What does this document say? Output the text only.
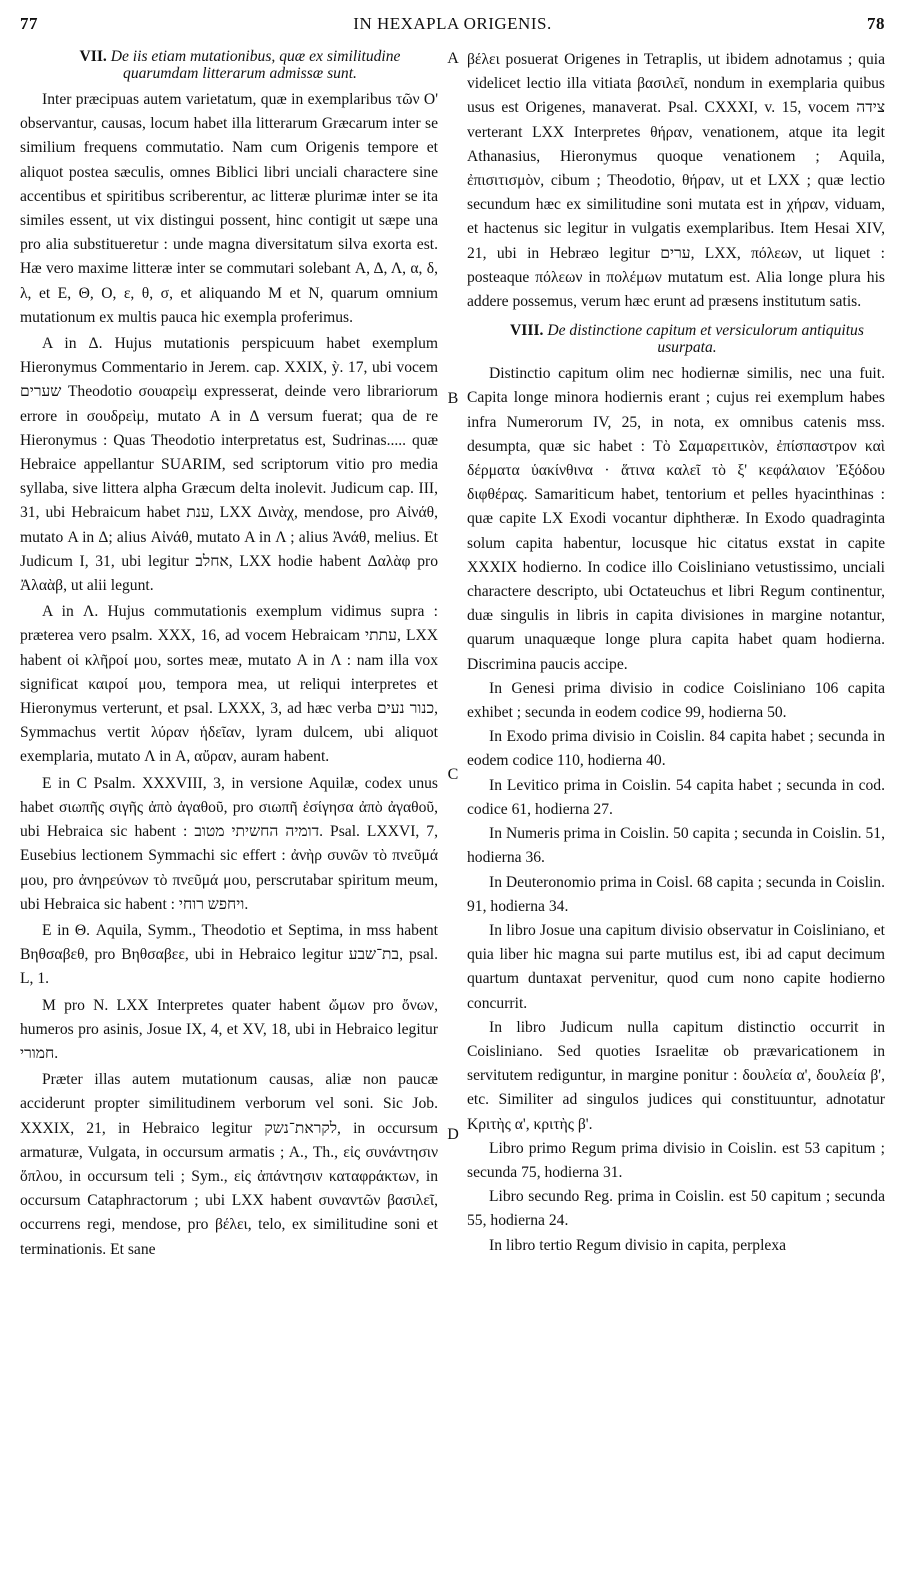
77	IN HEXAPLA ORIGENIS.	78

VII. De iis etiam mutationibus, quæ ex similitudine quarumdam litterarum admissæ sunt.

Inter præcipuas autem varietatum, quæ in exemplaribus τῶν Ο' observantur, causas, locum habet illa litterarum Græcarum inter se similium frequens commutatio. Nam cum Origenis tempore et aliquot postea sæculis, omnes Biblici libri unciali charactere sine accentibus et spiritibus scriberentur, ac litteræ plurimæ inter se ita similes essent, ut vix distingui possent, hinc contigit ut sæpe una pro alia substitueretur : unde magna diversitatum silva exorta est. Hæ vero maxime litteræ inter se commutari solebant Α, Δ, Λ, α, δ, λ, et Ε, Θ, Ο, ε, θ, σ, et aliquando Μ et Ν, quarum omnium mutationum ex multis pauca hic exempla proferimus.

Α in Δ. Hujus mutationis perspicuum habet exemplum Hieronymus Commentario in Jerem. cap. XXIX, ỳ. 17, ubi vocem שערים Theodotio σουαρεὶμ expresserat, deinde vero librariorum errore in σουδρεὶμ, mutato Α in Δ versum fuerat; qua de re Hieronymus : Quas Theodotio interpretatus est, Sudrinas..... quæ Hebraice appellantur SUARIM, sed scriptorum vitio pro media syllaba, sive littera alpha Græcum delta inolevit. Judicum cap. III, 31, ubi Hebraicum habet ענת, LXX Δινὰχ, mendose, pro Αἰνάθ, mutato Α in Δ; alius Αἰνάθ, mutato Α in Λ ; alius Ἀνάθ, melius. Et Judicum I, 31, ubi legitur אחלב, LXX hodie habent Δαλὰφ pro Ἀλαὰβ, ut alii legunt.

Α in Λ. Hujus commutationis exemplum vidimus supra : præterea vero psalm. XXX, 16, ad vocem Hebraicam עתתי, LXX habent οἱ κλῆροί μου, sortes meæ, mutato Α in Λ : nam illa vox significat καιροί μου, tempora mea, ut reliqui interpretes et Hieronymus verterunt, et psal. LXXX, 3, ad hæc verba כנור נעים, Symmachus vertit λύραν ἡδεῖαν, lyram dulcem, ubi aliquot exemplaria, mutato Λ in Α, αὔραν, auram habent.

Ε in C Psalm. XXXVIII, 3, in versione Aquilæ, codex unus habet σιωπῆς σιγῆς ἀπὸ ἀγαθοῦ, pro σιωπῆ ἐσίγησα ἀπὸ ἀγαθοῦ, ubi Hebraica sic habent : דומיה החשיתי מטוב. Psal. LXXVI, 7, Eusebius lectionem Symmachi sic effert : ἀνὴρ συνῶν τὸ πνεῦμά μου, pro ἀνηρεύνων τὸ πνεῦμά μου, perscrutabar spiritum meum, ubi Hebraica sic habent : ויחפש רוחי.

Ε in Θ. Aquila, Symm., Theodotio et Septima, in mss habent Βηθσαβεθ, pro Βηθσαβεε, ubi in Hebraico legitur בת־שבע, psal. L, 1.

Μ pro Ν. LXX Interpretes quater habent ὤμων pro ὄνων, humeros pro asinis, Josue IX, 4, et XV, 18, ubi in Hebraico legitur חמורי.

Præter illas autem mutationum causas, aliæ non paucæ acciderunt propter similitudinem verborum vel soni. Sic Job. XXXIX, 21, in Hebraico legitur לקראת־נשק, in occursum armaturæ, Vulgata, in occursum armatis ; A., Th., εἰς συνάντησιν ὅπλου, in occursum teli ; Sym., εἰς ἀπάντησιν καταφράκτων, in occursum Cataphractorum ; ubi LXX habent συναντῶν βασιλεῖ, occurrens regi, mendose, pro βέλει, telo, ex similitudine soni et terminationis. Et sane

A
B
C
D

βέλει posuerat Origenes in Tetraplis, ut ibidem adnotamus ; quia videlicet lectio illa vitiata βασιλεῖ, nondum in exemplaria quibus usus est Origenes, manaverat. Psal. CXXXI, v. 15, vocem צידה verterant LXX Interpretes θήραν, venationem, atque ita legit Athanasius, Hieronymus quoque venationem ; Aquila, ἐπισιτισμὸν, cibum ; Theodotio, θήραν, ut et LXX ; quæ lectio secundum hæc ex similitudine soni mutata est in χήραν, viduam, et hactenus sic legitur in vulgatis exemplaribus. Item Hesai XIV, 21, ubi in Hebræo legitur ערים, LXX, πόλεων, ut liquet : posteaque πόλεων in πολέμων mutatum est. Alia longe plura his addere possemus, verum hæc erunt ad præsens institutum satis.

VIII. De distinctione capitum et versiculorum antiquitus usurpata.

Distinctio capitum olim nec hodiernæ similis, nec una fuit. Capita longe minora hodiernis erant ; cujus rei exemplum habes infra Numerorum IV, 25, in nota, ex omnibus catenis mss. desumpta, quæ sic habet : Τὸ Σαμαρειτικὸν, ἐπίσπαστρον καὶ δέρματα ὑακίνθινα · ἅτινα καλεῖ τὸ ξ' κεφάλαιον Ἐξόδου διφθέρας. Samariticum habet, tentorium et pelles hyacinthinas : quæ capite LX Exodi vocantur diphtheræ. In Exodo quadraginta solum capita habentur, locusque hic citatus exstat in capite XXXIX hodierno. In codice illo Coisliniano vetustissimo, unciali charactere descripto, ubi Octateuchus et libri Regum continentur, duæ singulis in libris in capita divisiones in margine notantur, quarum unaquæque longe plura capita habet quam hodierna. Discrimina paucis accipe.

In Genesi prima divisio in codice Coisliniano 106 capita exhibet ; secunda in eodem codice 99, hodierna 50.

In Exodo prima divisio in Coislin. 84 capita habet ; secunda in eodem codice 110, hodierna 40.

In Levitico prima in Coislin. 54 capita habet ; secunda in cod. codice 61, hodierna 27.

In Numeris prima in Coislin. 50 capita ; secunda in Coislin. 51, hodierna 36.

In Deuteronomio prima in Coisl. 68 capita ; secunda in Coislin. 91, hodierna 34.

In libro Josue una capitum divisio observatur in Coisliniano, et quia liber hic magna sui parte mutilus est, ibi ad caput decimum quartum duntaxat pervenitur, quod cum nono capite hodierno concurrit.

In libro Judicum nulla capitum distinctio occurrit in Coisliniano. Sed quoties Israelitæ ob prævaricationem in servitutem rediguntur, in margine ponitur : δουλεία α', δουλεία β', etc. Similiter ad singulos judices qui constituuntur, adnotatur Κριτὴς α', κριτὴς β'.

Libro primo Regum prima divisio in Coislin. est 53 capitum ; secunda 75, hodierna 31.

Libro secundo Reg. prima in Coislin. est 50 capitum ; secunda 55, hodierna 24.

In libro tertio Regum divisio in capita, perplexa
